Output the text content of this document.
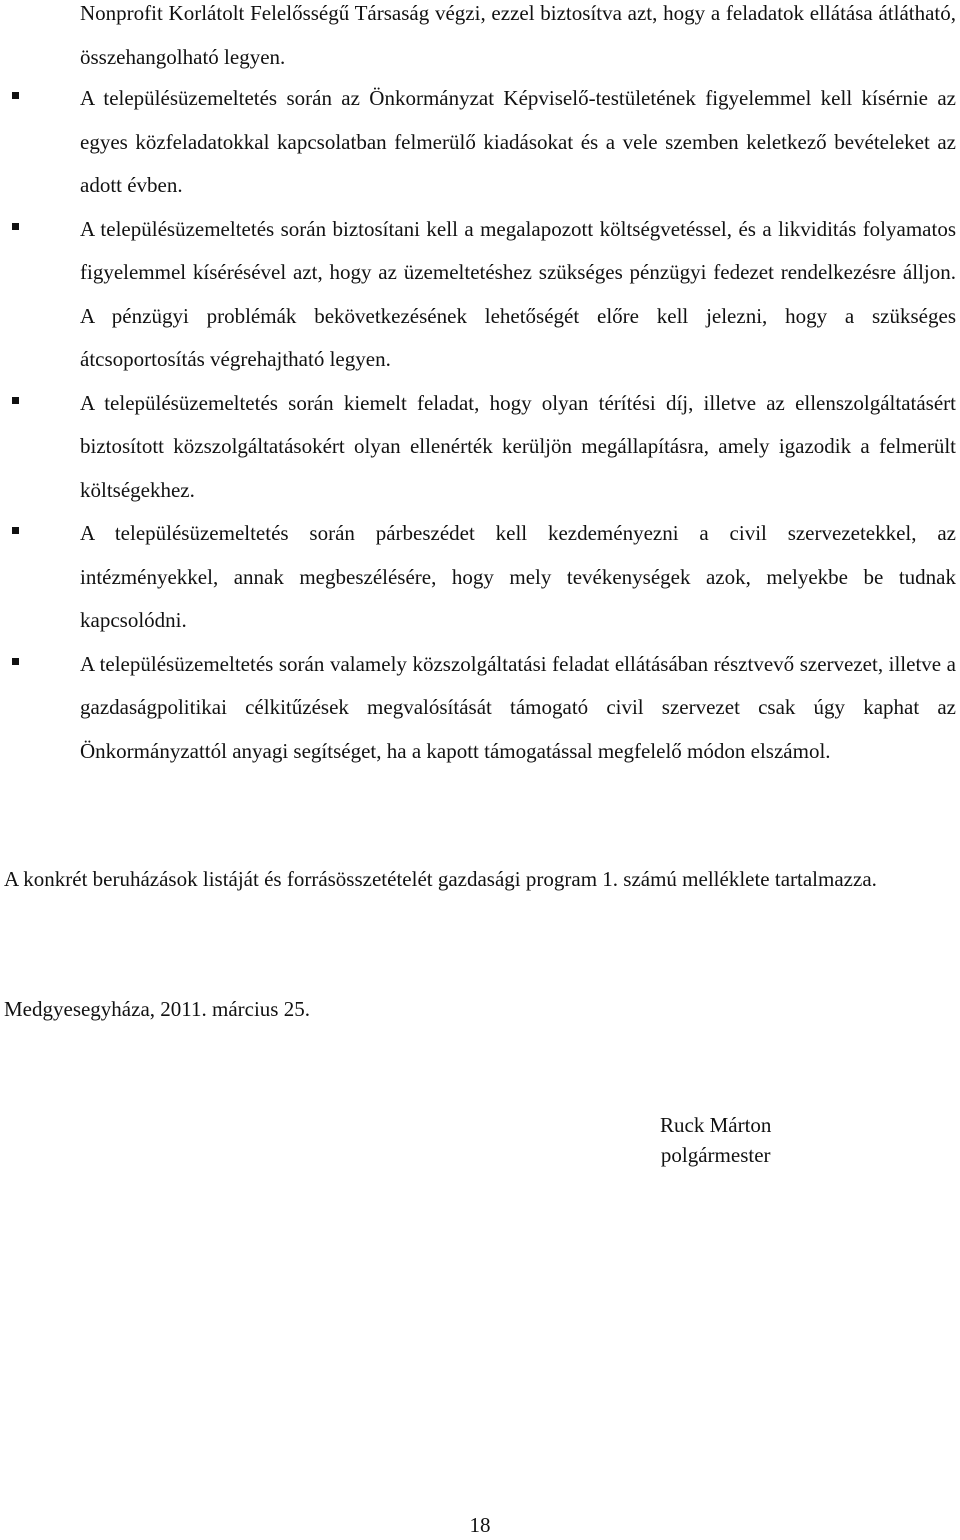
Nonprofit Korlátolt Felelősségű Társaság végzi, ezzel biztosítva azt, hogy a feladatok ellátása átlátható, összehangolható legyen.

A településüzemeltetés során az Önkormányzat Képviselő-testületének figyelemmel kell kísérnie az egyes közfeladatokkal kapcsolatban felmerülő kiadásokat és a vele szemben keletkező bevételeket az adott évben.
A településüzemeltetés során biztosítani kell a megalapozott költségvetéssel, és a likviditás folyamatos figyelemmel kísérésével azt, hogy az üzemeltetéshez szükséges pénzügyi fedezet rendelkezésre álljon. A pénzügyi problémák bekövetkezésének lehetőségét előre kell jelezni, hogy a szükséges átcsoportosítás végrehajtható legyen.
A településüzemeltetés során kiemelt feladat, hogy olyan térítési díj, illetve az ellenszolgáltatásért biztosított közszolgáltatásokért olyan ellenérték kerüljön megállapításra, amely igazodik a felmerült költségekhez.
A településüzemeltetés során párbeszédet kell kezdeményezni a civil szervezetekkel, az intézményekkel, annak megbeszélésére, hogy mely tevékenységek azok, melyekbe be tudnak kapcsolódni.
A településüzemeltetés során valamely közszolgáltatási feladat ellátásában résztvevő szervezet, illetve a gazdaságpolitikai célkitűzések megvalósítását támogató civil szervezet csak úgy kaphat az Önkormányzattól anyagi segítséget, ha a kapott támogatással megfelelő módon elszámol.

A konkrét beruházások listáját és forrásösszetételét gazdasági program 1. számú melléklete tartalmazza.

Medgyesegyháza, 2011. március 25.

Ruck Márton
polgármester
18
